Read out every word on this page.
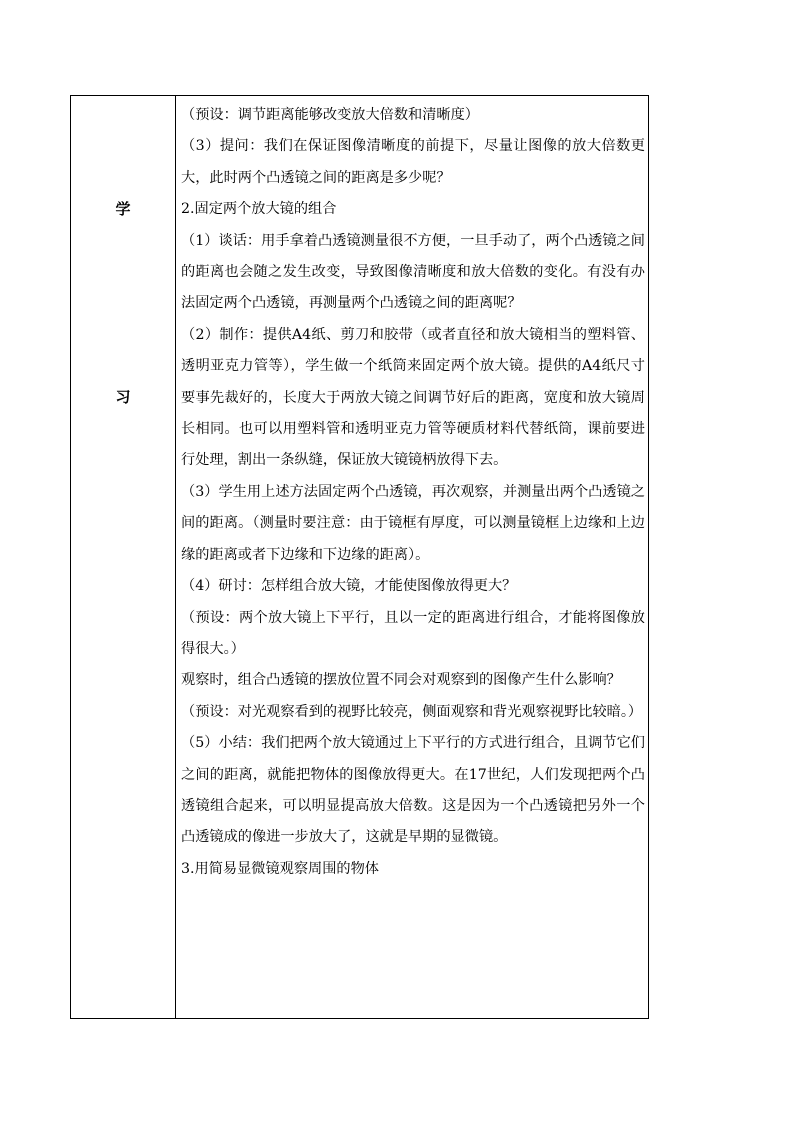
学
习

（预设：调节距离能够改变放大倍数和清晰度）

（3）提问：我们在保证图像清晰度的前提下，尽量让图像的放大倍数更大，此时两个凸透镜之间的距离是多少呢？

2.固定两个放大镜的组合

（1）谈话：用手拿着凸透镜测量很不方便，一旦手动了，两个凸透镜之间的距离也会随之发生改变，导致图像清晰度和放大倍数的变化。有没有办法固定两个凸透镜，再测量两个凸透镜之间的距离呢？

（2）制作：提供A4纸、剪刀和胶带（或者直径和放大镜相当的塑料管、透明亚克力管等），学生做一个纸筒来固定两个放大镜。提供的A4纸尺寸要事先裁好的，长度大于两放大镜之间调节好后的距离，宽度和放大镜周长相同。也可以用塑料管和透明亚克力管等硬质材料代替纸筒，课前要进行处理，割出一条纵缝，保证放大镜镜柄放得下去。

（3）学生用上述方法固定两个凸透镜，再次观察，并测量出两个凸透镜之间的距离。（测量时要注意：由于镜框有厚度，可以测量镜框上边缘和上边缘的距离或者下边缘和下边缘的距离）。

（4）研讨：怎样组合放大镜，才能使图像放得更大？

（预设：两个放大镜上下平行，且以一定的距离进行组合，才能将图像放得很大。）

观察时，组合凸透镜的摆放位置不同会对观察到的图像产生什么影响？

（预设：对光观察看到的视野比较亮，侧面观察和背光观察视野比较暗。）

（5）小结：我们把两个放大镜通过上下平行的方式进行组合，且调节它们之间的距离，就能把物体的图像放得更大。在17世纪，人们发现把两个凸透镜组合起来，可以明显提高放大倍数。这是因为一个凸透镜把另外一个凸透镜成的像进一步放大了，这就是早期的显微镜。

3.用简易显微镜观察周围的物体
